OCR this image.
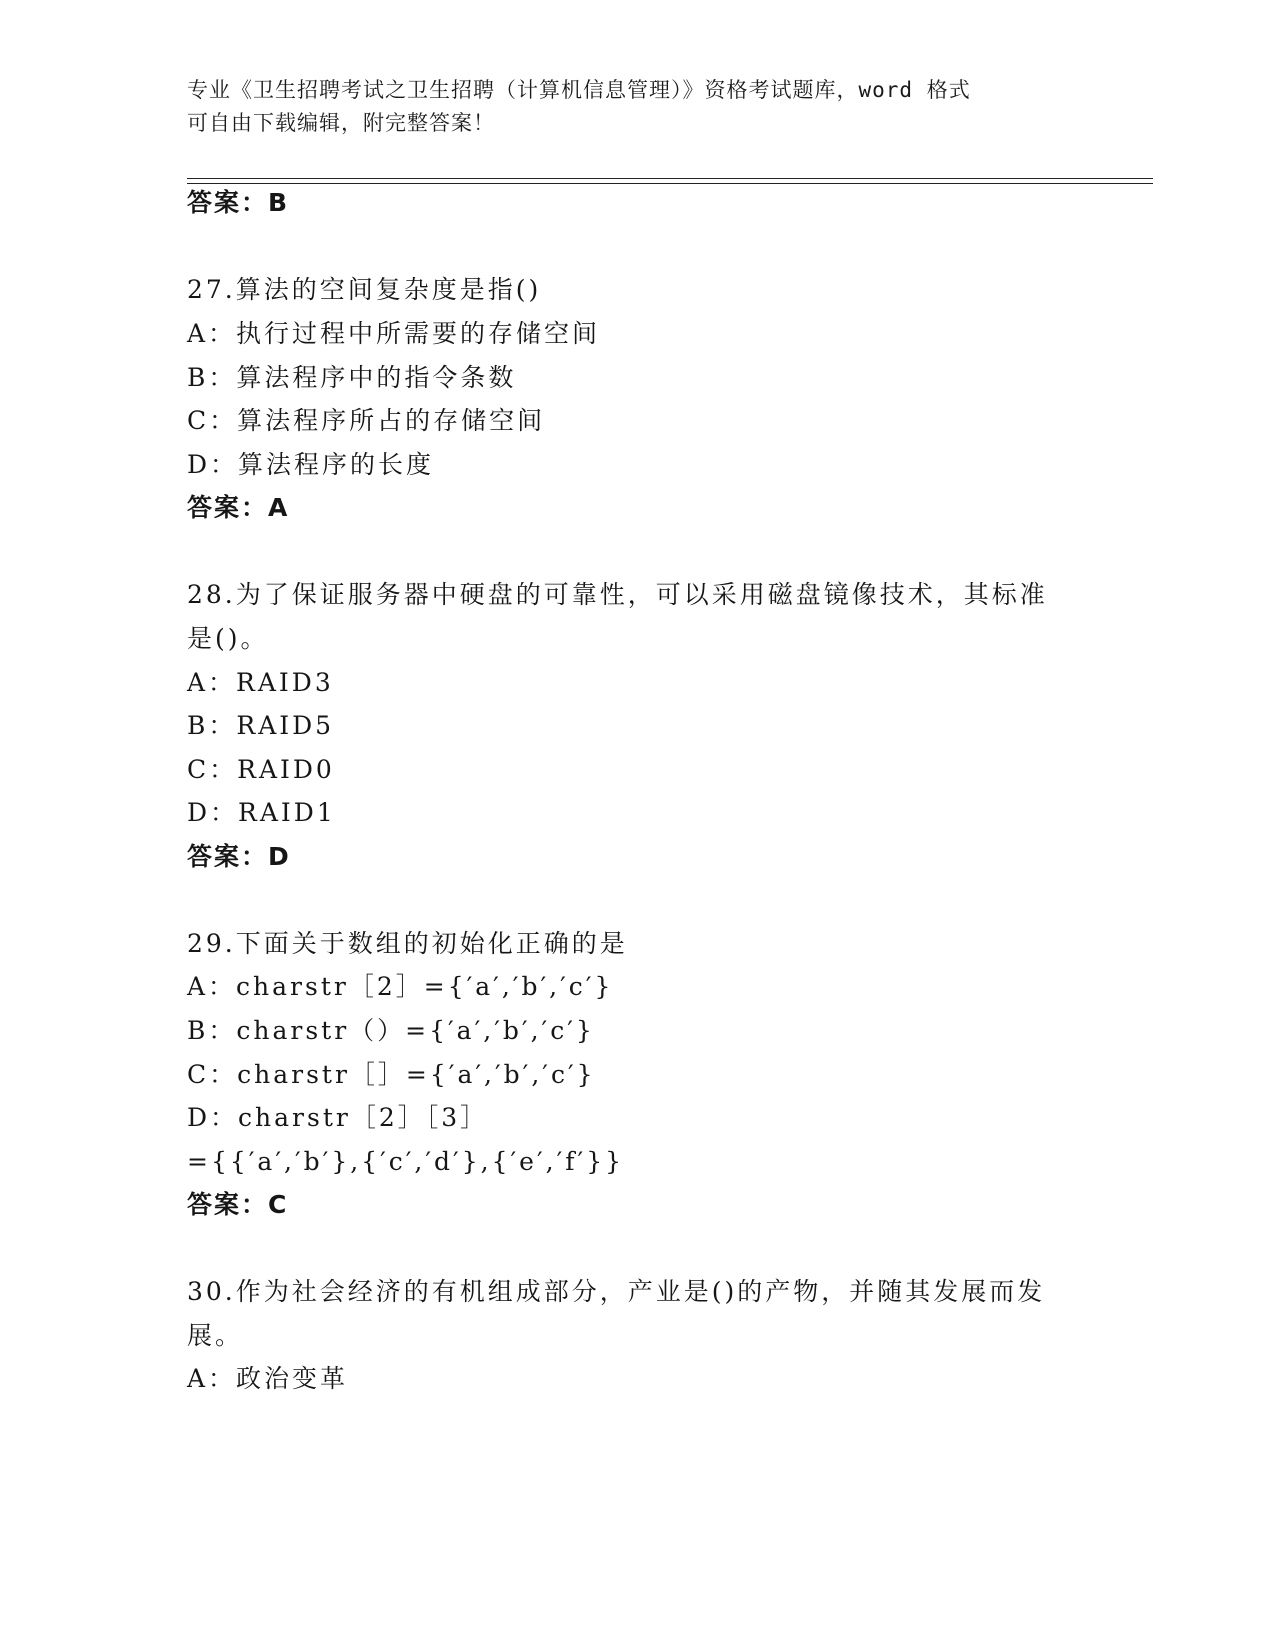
专业《卫生招聘考试之卫生招聘（计算机信息管理）》资格考试题库，word 格式
可自由下载编辑，附完整答案！
答案：B
27.算法的空间复杂度是指()
A：执行过程中所需要的存储空间
B：算法程序中的指令条数
C：算法程序所占的存储空间
D：算法程序的长度
答案：A
28.为了保证服务器中硬盘的可靠性，可以采用磁盘镜像技术，其标准
是()。
A：RAID3
B：RAID5
C：RAID0
D：RAID1
答案：D
29.下面关于数组的初始化正确的是
A：charstr［2］={′a′,′b′,′c′}
B：charstr（）={′a′,′b′,′c′}
C：charstr［］={′a′,′b′,′c′}
D：charstr［2］［3］
={{′a′,′b′},{′c′,′d′},{′e′,′f′}}
答案：C
30.作为社会经济的有机组成部分，产业是()的产物，并随其发展而发
展。
A：政治变革
